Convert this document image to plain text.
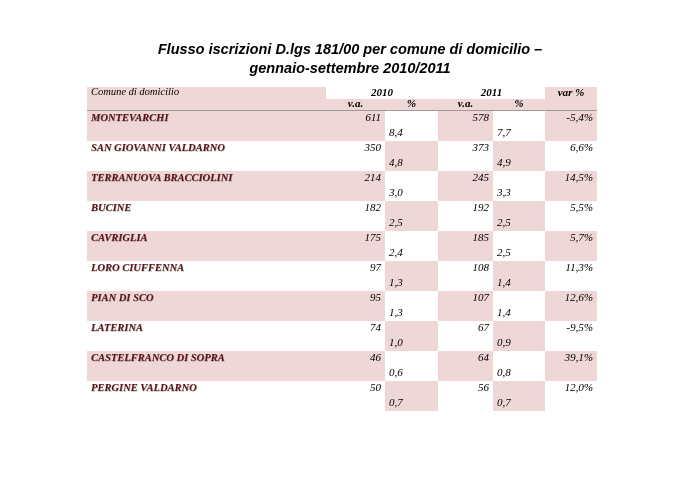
Flusso iscrizioni D.lgs 181/00 per comune di domicilio –
gennaio-settembre 2010/2011
Comune di domicilio	2010		2011		var %
	v.a.	%	v.a.	%	
MONTEVARCHI	611		578		-5,4%
		8,4		7,7	
SAN GIOVANNI VALDARNO	350		373		6,6%
		4,8		4,9	
TERRANUOVA BRACCIOLINI	214		245		14,5%
		3,0		3,3	
BUCINE	182		192		5,5%
		2,5		2,5	
CAVRIGLIA	175		185		5,7%
		2,4		2,5	
LORO CIUFFENNA	97		108		11,3%
		1,3		1,4	
PIAN DI SCO	95		107		12,6%
		1,3		1,4	
LATERINA	74		67		-9,5%
		1,0		0,9	
CASTELFRANCO DI SOPRA	46		64		39,1%
		0,6		0,8	
PERGINE VALDARNO	50		56		12,0%
		0,7		0,7	
